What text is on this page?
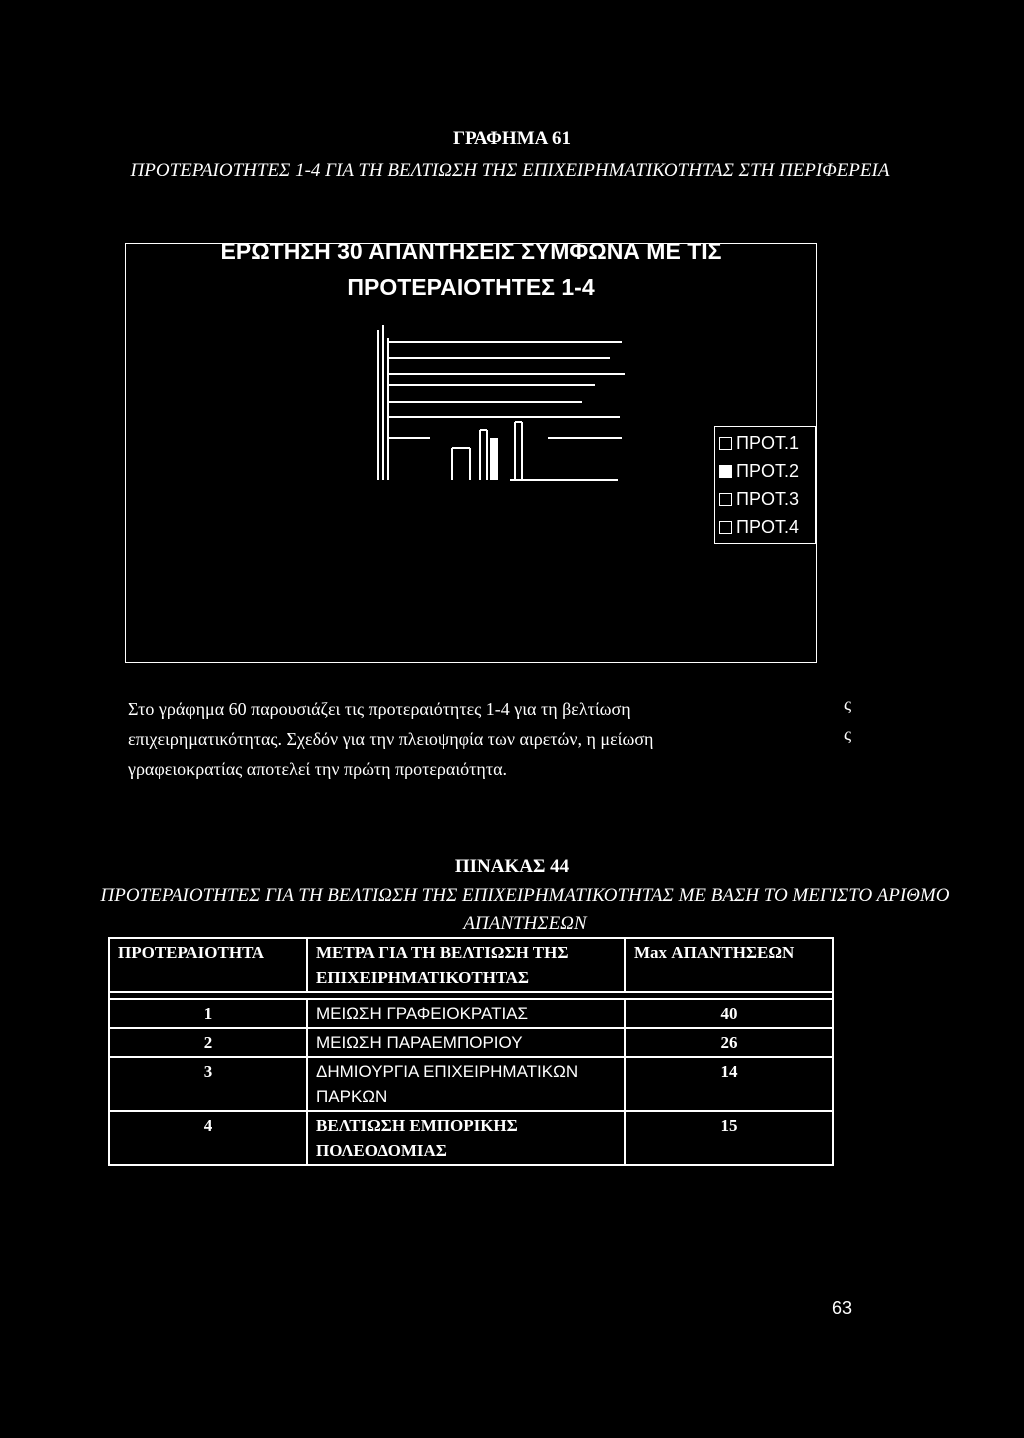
ΓΡΑΦΗΜΑ 61
ΠΡΟΤΕΡΑΙΟΤΗΤΕΣ 1-4 ΓΙΑ ΤΗ ΒΕΛΤΙΩΣΗ ΤΗΣ ΕΠΙΧΕΙΡΗΜΑΤΙΚΟΤΗΤΑΣ ΣΤΗ ΠΕΡΙΦΕΡΕΙΑ
ΕΡΩΤΗΣΗ 30 ΑΠΑΝΤΗΣΕΙΣ ΣΥΜΦΩΝΑ ΜΕ ΤΙΣ ΠΡΟΤΕΡΑΙΟΤΗΤΕΣ 1-4
ΠΡΟΤ.1
ΠΡΟΤ.2
ΠΡΟΤ.3
ΠΡΟΤ.4
Στο γράφημα 60 παρουσιάζει τις προτεραιότητες 1-4 για τη βελτίωση
επιχειρηματικότητας. Σχεδόν για την πλειοψηφία των αιρετών, η μείωση
γραφειοκρατίας αποτελεί την πρώτη προτεραιότητα.
ς
ς
ΠΙΝΑΚΑΣ 44
ΠΡΟΤΕΡΑΙΟΤΗΤΕΣ ΓΙΑ ΤΗ ΒΕΛΤΙΩΣΗ ΤΗΣ ΕΠΙΧΕΙΡΗΜΑΤΙΚΟΤΗΤΑΣ ΜΕ ΒΑΣΗ ΤΟ ΜΕΓΙΣΤΟ ΑΡΙΘΜΟ ΑΠΑΝΤΗΣΕΩΝ
ΠΡΟΤΕΡΑΙΟΤΗΤΑ	ΜΕΤΡΑ ΓΙΑ ΤΗ ΒΕΛΤΙΩΣΗ ΤΗΣ ΕΠΙΧΕΙΡΗΜΑΤΙΚΟΤΗΤΑΣ	Max ΑΠΑΝΤΗΣΕΩΝ

1	ΜΕΙΩΣΗ ΓΡΑΦΕΙΟΚΡΑΤΙΑΣ	40
2	ΜΕΙΩΣΗ ΠΑΡΑΕΜΠΟΡΙΟΥ	26
3	ΔΗΜΙΟΥΡΓΙΑ ΕΠΙΧΕΙΡΗΜΑΤΙΚΩΝ ΠΑΡΚΩΝ	14
4	ΒΕΛΤΙΩΣΗ ΕΜΠΟΡΙΚΗΣ ΠΟΛΕΟΔΟΜΙΑΣ	15
63
